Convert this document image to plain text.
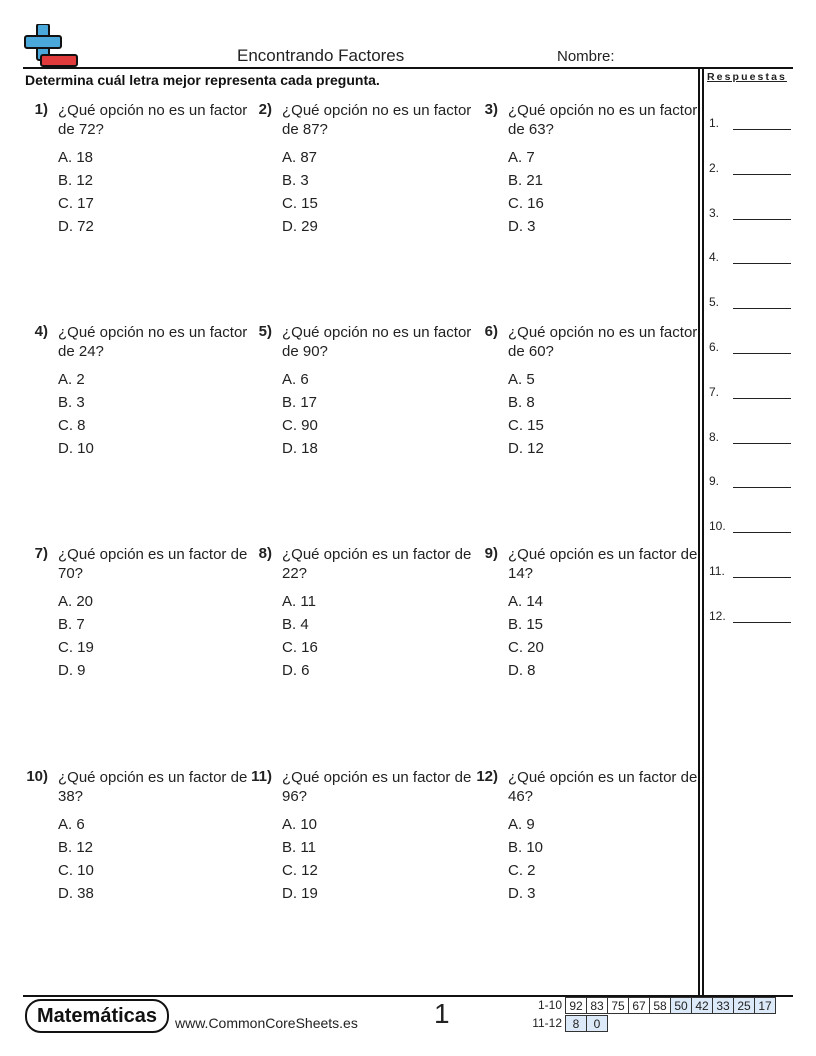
Encontrando Factores	Nombre:
Determina cuál letra mejor representa cada pregunta.	Respuestas
1.
2.
3.
4.
5.
6.
7.
8.
9.
10.
11.
12.
1) ¿Qué opción no es un factor de 72?
A. 18
B. 12
C. 17
D. 72
2) ¿Qué opción no es un factor de 87?
A. 87
B. 3
C. 15
D. 29
3) ¿Qué opción no es un factor de 63?
A. 7
B. 21
C. 16
D. 3
4) ¿Qué opción no es un factor de 24?
A. 2
B. 3
C. 8
D. 10
5) ¿Qué opción no es un factor de 90?
A. 6
B. 17
C. 90
D. 18
6) ¿Qué opción no es un factor de 60?
A. 5
B. 8
C. 15
D. 12
7) ¿Qué opción es un factor de 70?
A. 20
B. 7
C. 19
D. 9
8) ¿Qué opción es un factor de 22?
A. 11
B. 4
C. 16
D. 6
9) ¿Qué opción es un factor de 14?
A. 14
B. 15
C. 20
D. 8
10) ¿Qué opción es un factor de 38?
A. 6
B. 12
C. 10
D. 38
11) ¿Qué opción es un factor de 96?
A. 10
B. 11
C. 12
D. 19
12) ¿Qué opción es un factor de 46?
A. 9
B. 10
C. 2
D. 3
Matemáticas	www.CommonCoreSheets.es	1	1-10 92	83	75	67	58	50	42	33	25	17
11-12 8	0
